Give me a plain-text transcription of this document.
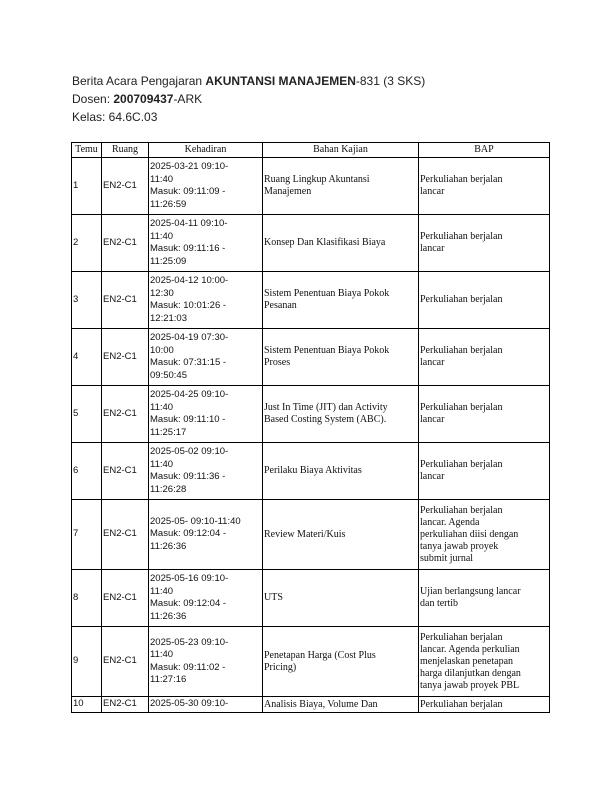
Berita Acara Pengajaran AKUNTANSI MANAJEMEN-831 (3 SKS)
Dosen: 200709437-ARK
Kelas: 64.6C.03
Temu	Ruang	Kehadiran	Bahan Kajian	BAP
1	EN2-C1	2025-03-21 09:10-
11:40
Masuk: 09:11:09 -
11:26:59	Ruang Lingkup Akuntansi
Manajemen	Perkuliahan berjalan
lancar
2	EN2-C1	2025-04-11 09:10-
11:40
Masuk: 09:11:16 -
11:25:09	Konsep Dan Klasifikasi Biaya	Perkuliahan berjalan
lancar
3	EN2-C1	2025-04-12 10:00-
12:30
Masuk: 10:01:26 -
12:21:03	Sistem Penentuan Biaya Pokok
Pesanan	Perkuliahan berjalan
4	EN2-C1	2025-04-19 07:30-
10:00
Masuk: 07:31:15 -
09:50:45	Sistem Penentuan Biaya Pokok
Proses	Perkuliahan berjalan
lancar
5	EN2-C1	2025-04-25 09:10-
11:40
Masuk: 09:11:10 -
11:25:17	Just In Time (JIT) dan Activity
Based Costing System (ABC).	Perkuliahan berjalan
lancar
6	EN2-C1	2025-05-02 09:10-
11:40
Masuk: 09:11:36 -
11:26:28	Perilaku Biaya Aktivitas	Perkuliahan berjalan
lancar
7	EN2-C1	2025-05- 09:10-11:40
Masuk: 09:12:04 -
11:26:36	Review Materi/Kuis	Perkuliahan berjalan
lancar. Agenda
perkuliahan diisi dengan
tanya jawab proyek
submit jurnal
8	EN2-C1	2025-05-16 09:10-
11:40
Masuk: 09:12:04 -
11:26:36	UTS	Ujian berlangsung lancar
dan tertib
9	EN2-C1	2025-05-23 09:10-
11:40
Masuk: 09:11:02 -
11:27:16	Penetapan Harga (Cost Plus
Pricing)	Perkuliahan berjalan
lancar. Agenda perkulian
menjelaskan penetapan
harga dilanjutkan dengan
tanya jawab proyek PBL
10	EN2-C1	2025-05-30 09:10-	Analisis Biaya, Volume Dan	Perkuliahan berjalan
